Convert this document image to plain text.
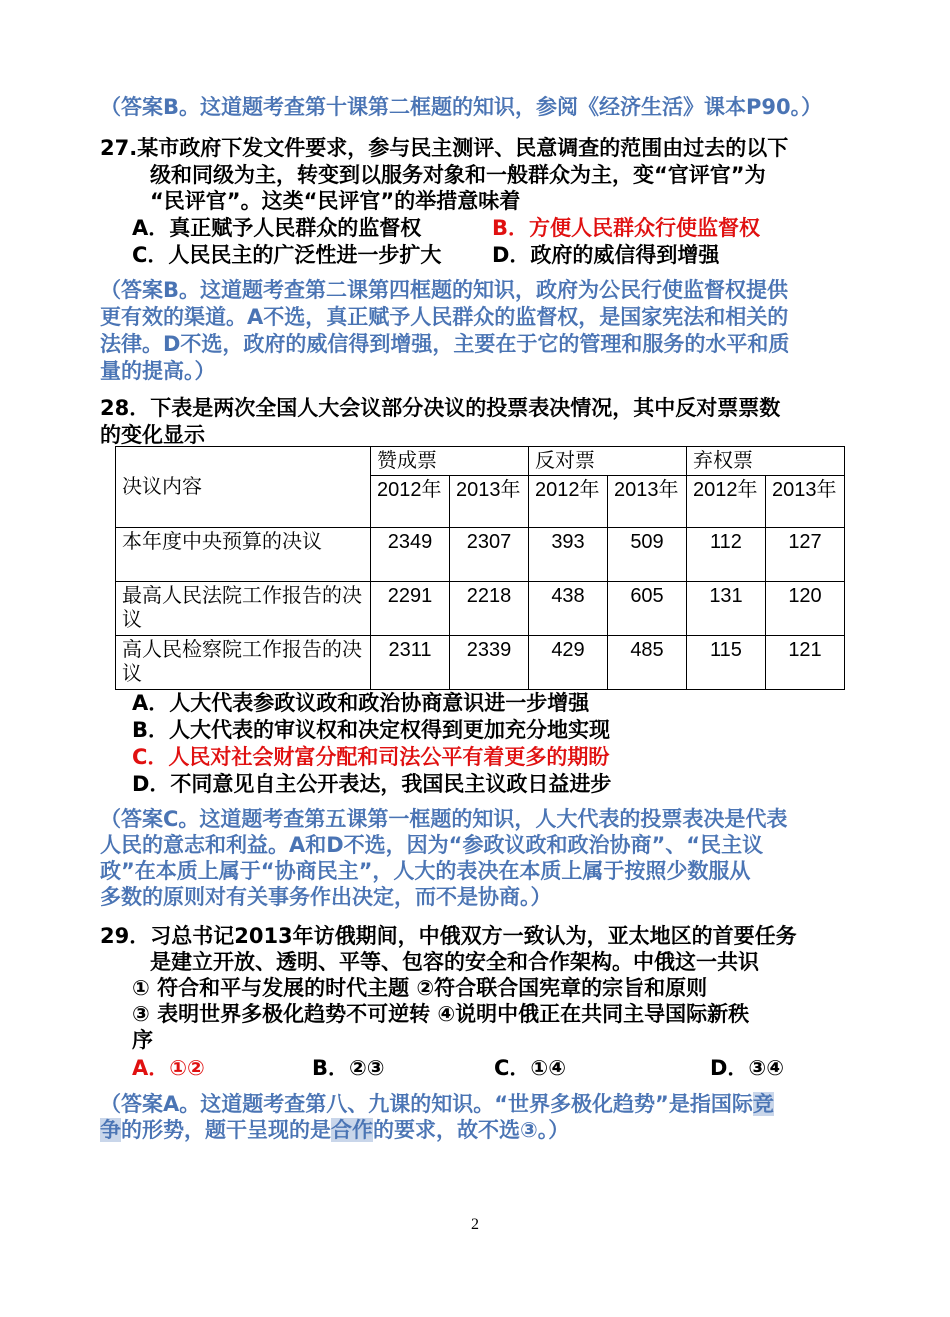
（答案B。这道题考查第十课第二框题的知识，参阅《经济生活》课本P90。）
27.某市政府下发文件要求，参与民主测评、民意调查的范围由过去的以下
级和同级为主，转变到以服务对象和一般群众为主，变“官评官”为
“民评官”。这类“民评官”的举措意味着
A．真正赋予人民群众的监督权	B．方便人民群众行使监督权
C．人民民主的广泛性进一步扩大 D．政府的威信得到增强
（答案B。这道题考查第二课第四框题的知识，政府为公民行使监督权提供
更有效的渠道。A不选，真正赋予人民群众的监督权，是国家宪法和相关的
法律。D不选，政府的威信得到增强，主要在于它的管理和服务的水平和质
量的提高。）
28．下表是两次全国人大会议部分决议的投票表决情况，其中反对票票数
的变化显示
决议内容	赞成票		反对票		弃权票	
	2012年	2013年	2012年	2013年	2012年	2013年
本年度中央预算的决议	2349	2307	393	509	112	127
最高人民法院工作报告的决议	2291	2218	438	605	131	120
高人民检察院工作报告的决议	2311	2339	429	485	115	121
A．人大代表参政议政和政治协商意识进一步增强
B．人大代表的审议权和决定权得到更加充分地实现
C．人民对社会财富分配和司法公平有着更多的期盼
D．不同意见自主公开表达，我国民主议政日益进步
（答案C。这道题考查第五课第一框题的知识，人大代表的投票表决是代表
人民的意志和利益。A和D不选，因为“参政议政和政治协商”、“民主议
政”在本质上属于“协商民主”，人大的表决在本质上属于按照少数服从
多数的原则对有关事务作出决定，而不是协商。）
29．习总书记2013年访俄期间，中俄双方一致认为，亚太地区的首要任务
是建立开放、透明、平等、包容的安全和合作架构。中俄这一共识
① 符合和平与发展的时代主题 ②符合联合国宪章的宗旨和原则
③ 表明世界多极化趋势不可逆转 ④说明中俄正在共同主导国际新秩
序
A．①②	B．②③	C．①④	D．③④
（答案A。这道题考查第八、九课的知识。“世界多极化趋势”是指国际竞
争的形势，题干呈现的是合作的要求，故不选③。）
2
